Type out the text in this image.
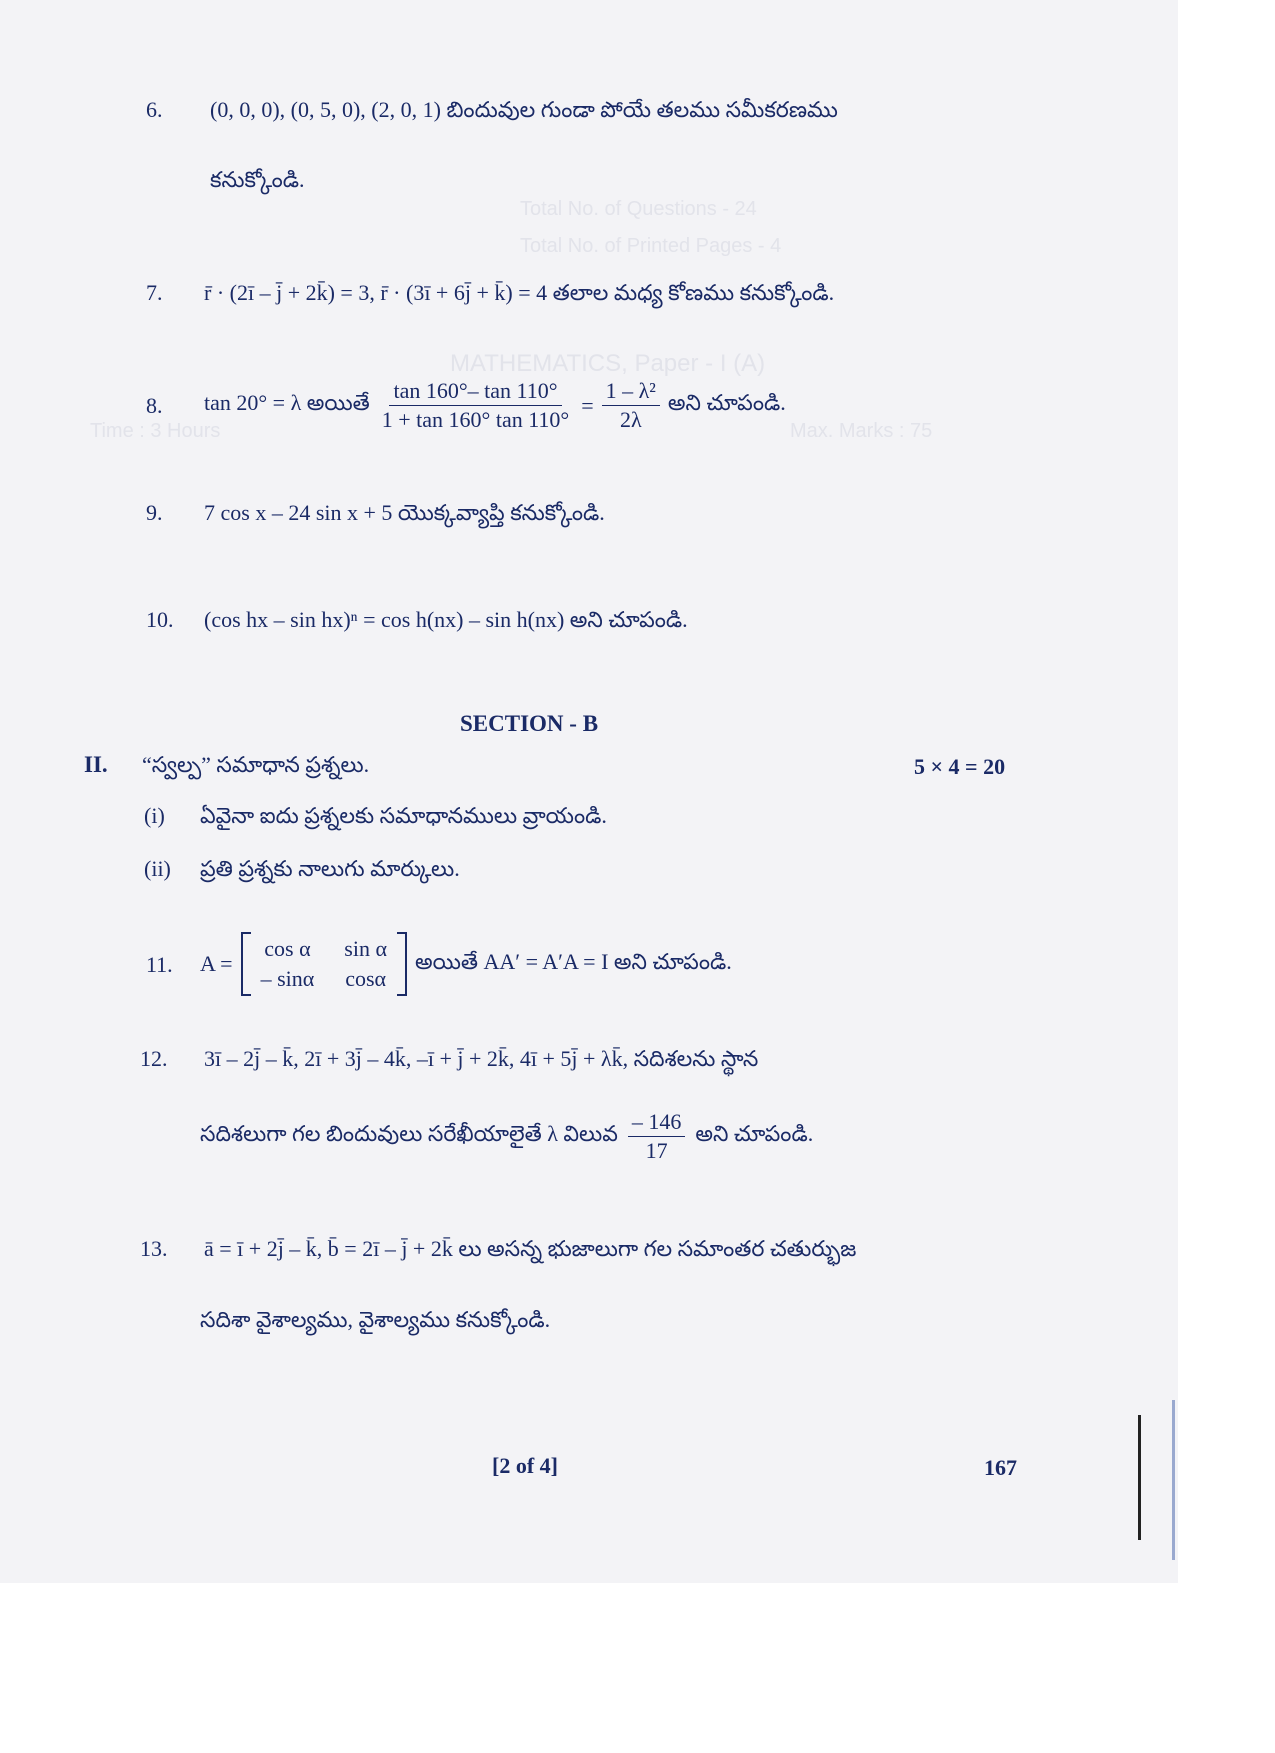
Total No. of Questions - 24
Total No. of Printed Pages - 4
MATHEMATICS, Paper - I (A)
Time : 3 Hours	Max. Marks : 75
6. (0, 0, 0), (0, 5, 0), (2, 0, 1) బిందువుల గుండా పోయే తలము సమీకరణము
కనుక్కోండి.
7. r̄ · (2ī – j̄ + 2k̄) = 3, r̄ · (3ī + 6j̄ + k̄) = 4 తలాల మధ్య కోణము కనుక్కోండి.
8. tan 20° = λ అయితే $\frac{\tan 160^\circ- \tan 110^\circ}{1 + \tan 160^\circ \tan 110^\circ} = \frac{\text{1 – λ²}}{2\lambda}$ అని చూపండి.
9. 7 cos x – 24 sin x + 5 యొక్కవ్యాప్తి కనుక్కోండి.
10. (cos hx – sin hx)ⁿ = cos h(nx) – sin h(nx) అని చూపండి.
SECTION - B
II. “స్వల్ప” సమాధాన ప్రశ్నలు.	5 × 4 = 20
(i) ఏవైనా ఐదు ప్రశ్నలకు సమాధానములు వ్రాయండి.
(ii) ప్రతి ప్రశ్నకు నాలుగు మార్కులు.
11. A =
cos α sin α
– sinα cosα
అయితే AA′ = A′A = I అని చూపండి.
12. 3ī – 2j̄ – k̄, 2ī + 3j̄ – 4k̄, –ī + j̄ + 2k̄, 4ī + 5j̄ + λk̄, సదిశలను స్థాన
సదిశలుగా గల బిందువులు సరేఖీయాలైతే λ విలువ $\frac{- 146}{17}$ అని చూపండి.
13. ā = ī + 2j̄ – k̄, b̄ = 2ī – j̄ + 2k̄ లు అసన్న భుజాలుగా గల సమాంతర చతుర్భుజ
సదిశా వైశాల్యము, వైశాల్యము కనుక్కోండి.
[2 of 4]	167
